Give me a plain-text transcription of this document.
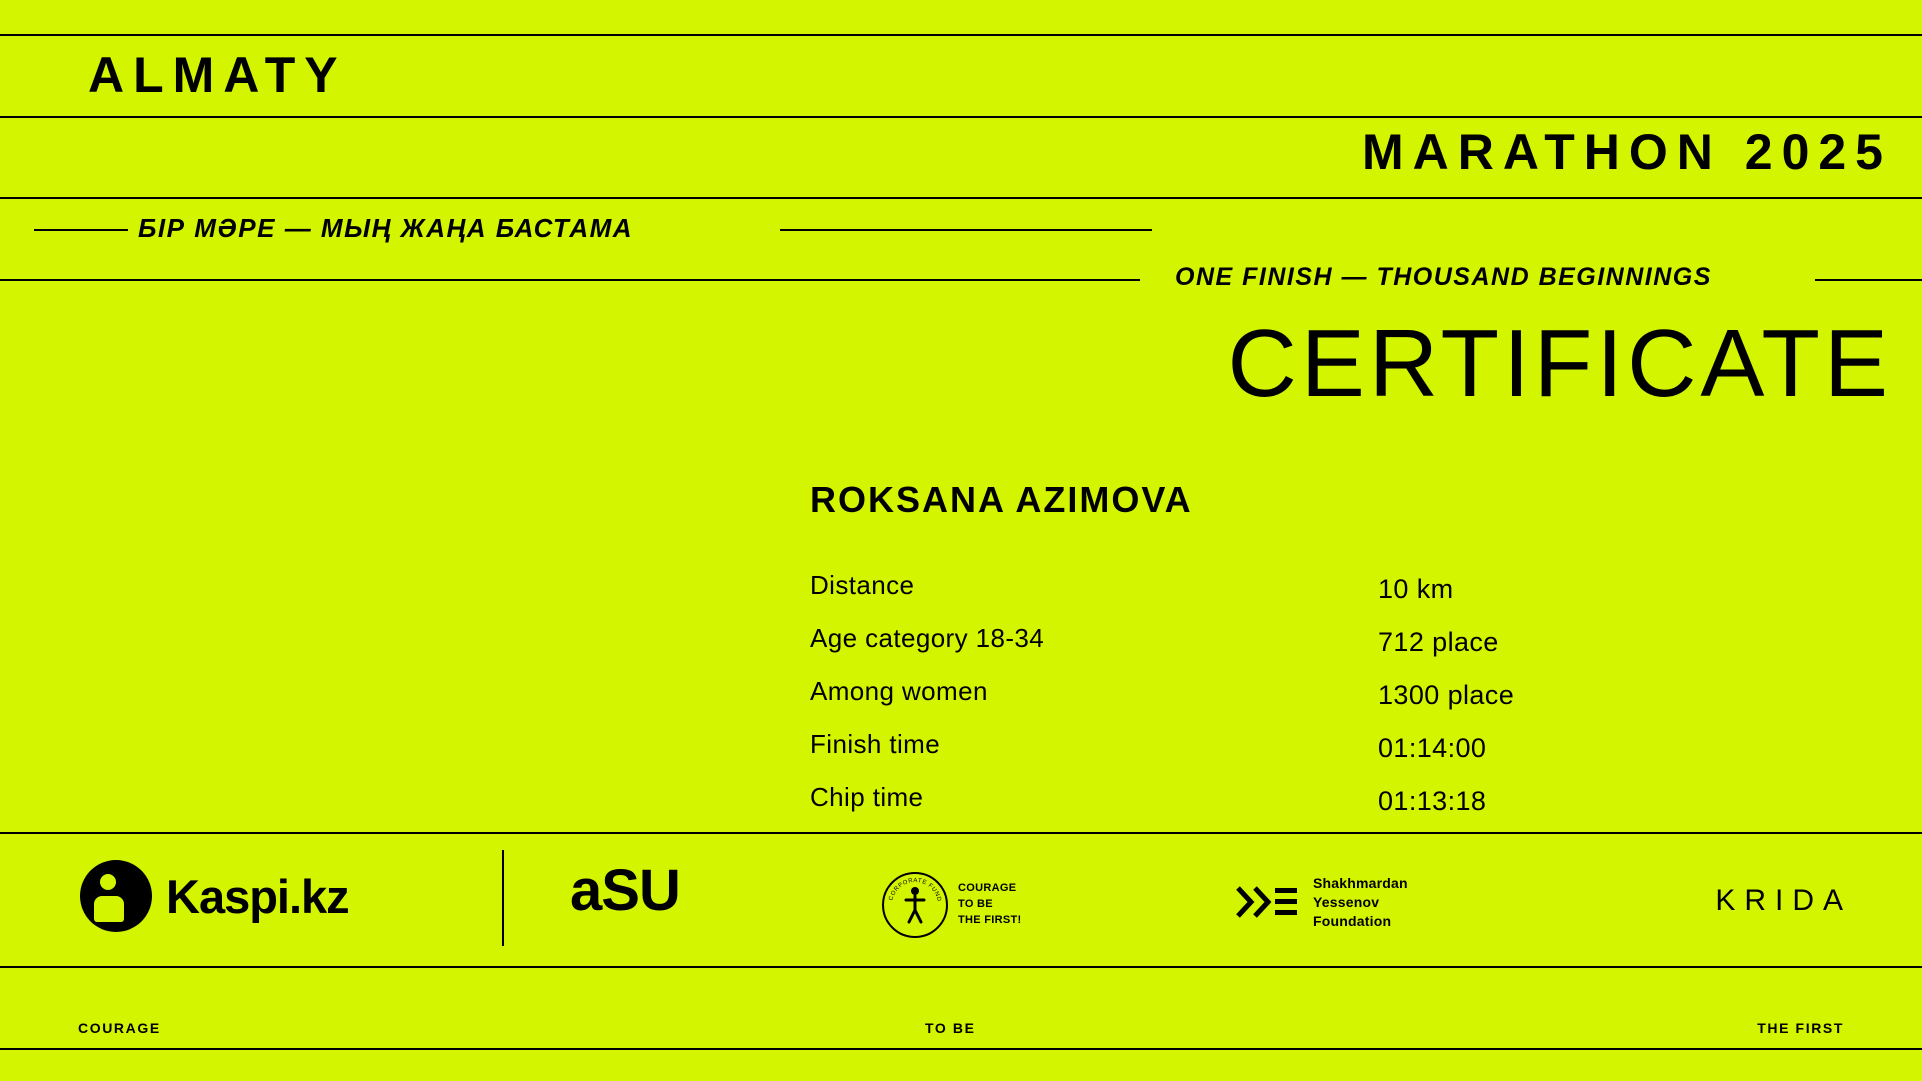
ALMATY
MARATHON 2025
БІР МӘРЕ — МЫҢ ЖАҢА БАСТАМА
ONE FINISH — THOUSAND BEGINNINGS
CERTIFICATE
ROKSANA AZIMOVA
Distance	10 km
Age category 18-34	712 place
Among women	1300 place
Finish time	01:14:00
Chip time	01:13:18
Kaspi.kz	aSU	CORPORATE FUND
COURAGE
TO BE
THE FIRST!
Shakhmardan
Yessenov
Foundation
KRIDA
COURAGE	TO BE	THE FIRST
